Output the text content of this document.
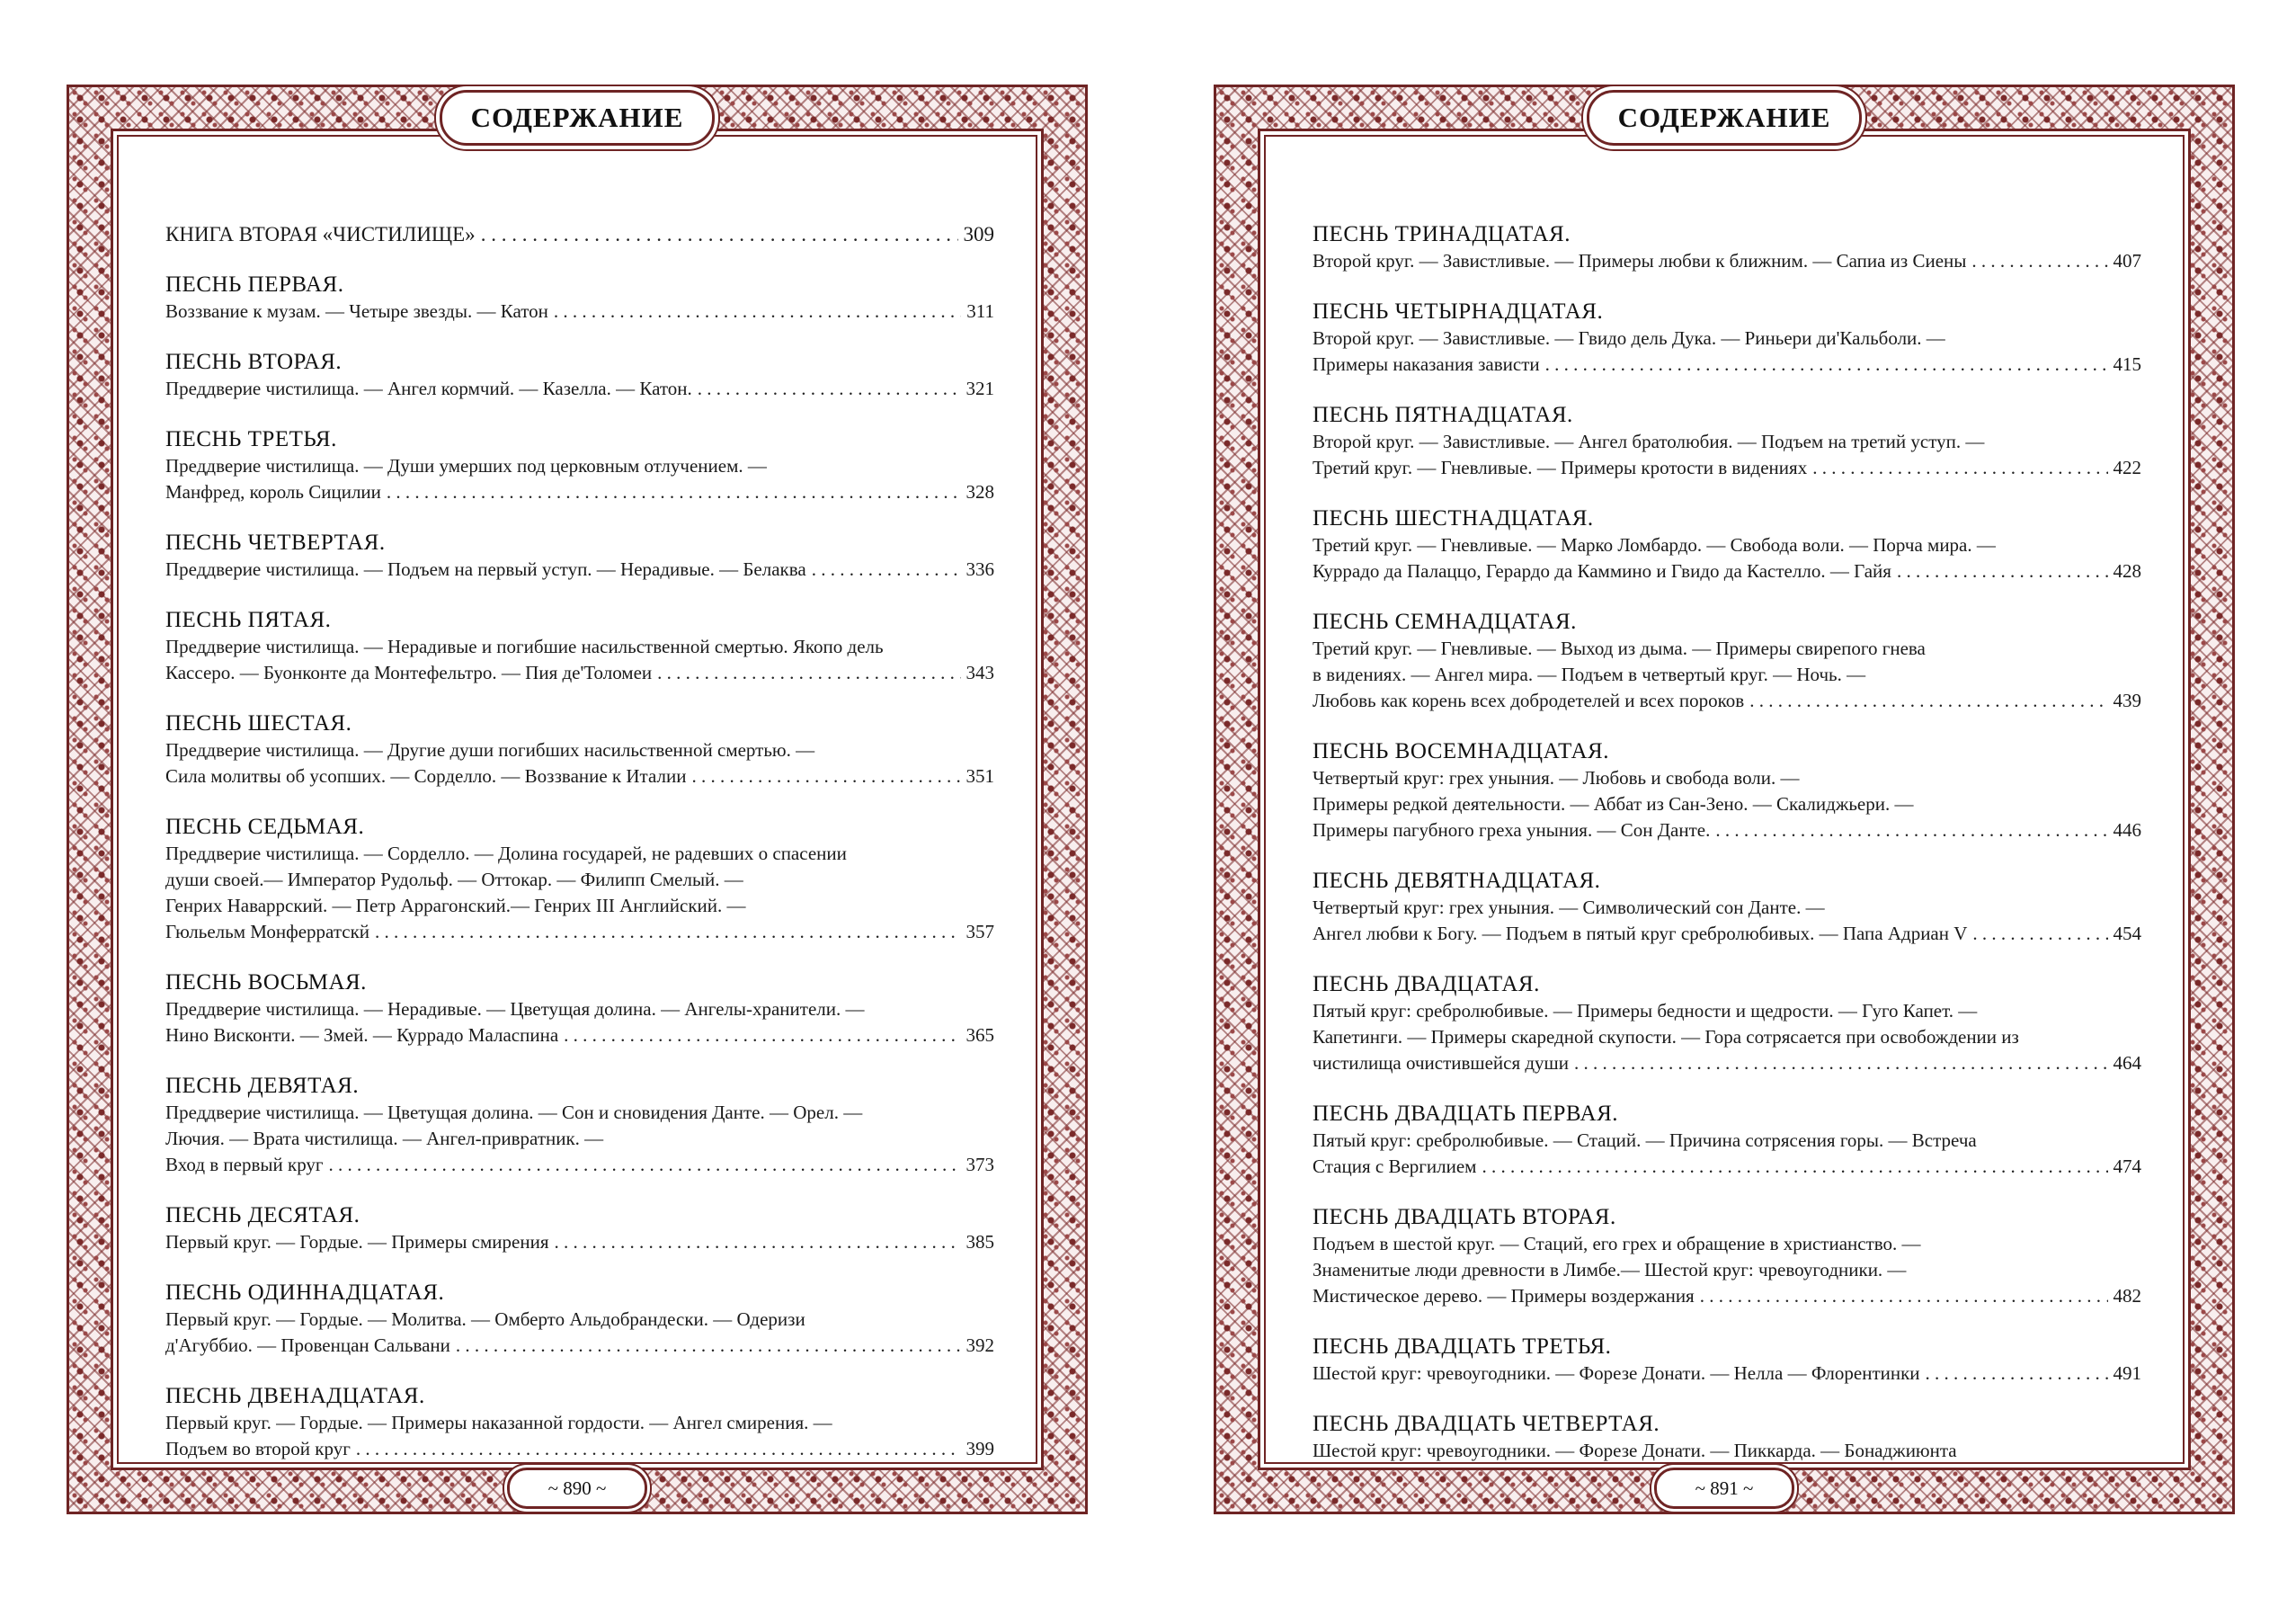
КНИГА ВТОРАЯ «ЧИСТИЛИЩЕ» . . .	309
ПЕСНЬ ПЕРВАЯ.
Воззвание к музам. — Четыре звезды. — Катон . . .	311
ПЕСНЬ ВТОРАЯ.
Преддверие чистилища. — Ангел кормчий. — Казелла. — Катон. . . .	321
ПЕСНЬ ТРЕТЬЯ.
Преддверие чистилища. — Души умерших под церковным отлучением. —
Манфред, король Сицилии . . .	328
ПЕСНЬ ЧЕТВЕРТАЯ.
Преддверие чистилища. — Подъем на первый уступ. — Нерадивые. — Белаква . . .	336
ПЕСНЬ ПЯТАЯ.
Преддверие чистилища. — Нерадивые и погибшие насильственной смертью. Якопо дель
Кассеро. — Буонконте да Монтефельтро. — Пия де'Толомеи . . .	343
ПЕСНЬ ШЕСТАЯ.
Преддверие чистилища. — Другие души погибших насильственной смертью. —
Сила молитвы об усопших. — Сорделло. — Воззвание к Италии . . .	351
ПЕСНЬ СЕДЬМАЯ.
Преддверие чистилища. — Сорделло. — Долина государей, не радевших о спасении
души своей.— Император Рудольф. — Оттокар. — Филипп Смелый. —
Генрих Наваррский. — Петр Аррагонский.— Генрих III Английский. —
Гюльельм Монферратскй . . .	357
ПЕСНЬ ВОСЬМАЯ.
Преддверие чистилища. — Нерадивые. — Цветущая долина. — Ангелы-хранители. —
Нино Висконти. — Змей. — Куррадо Маласпина . . .	365
ПЕСНЬ ДЕВЯТАЯ.
Преддверие чистилища. — Цветущая долина. — Сон и сновидения Данте. — Орел. —
Лючия. — Врата чистилища. — Ангел-привратник. —
Вход в первый круг . . .	373
ПЕСНЬ ДЕСЯТАЯ.
Первый круг. — Гордые. — Примеры смирения . . .	385
ПЕСНЬ ОДИННАДЦАТАЯ.
Первый круг. — Гордые. — Молитва. — Омберто Альдобрандески. — Одеризи
д'Агуббио. — Провенцан Сальвани . . .	392
ПЕСНЬ ДВЕНАДЦАТАЯ.
Первый круг. — Гордые. — Примеры наказанной гордости. — Ангел смирения. —
Подъем во второй круг . . .	399
СОДЕРЖАНИЕ
~ 890 ~
ПЕСНЬ ТРИНАДЦАТАЯ.
Второй круг. — Завистливые. — Примеры любви к ближним. — Сапиа из Сиены . . .	407
ПЕСНЬ ЧЕТЫРНАДЦАТАЯ.
Второй круг. — Завистливые. — Гвидо дель Дука. — Риньери ди'Кальболи. —
Примеры наказания зависти . . .	415
ПЕСНЬ ПЯТНАДЦАТАЯ.
Второй круг. — Завистливые. — Ангел братолюбия. — Подъем на третий уступ. —
Третий круг. — Гневливые. — Примеры кротости в видениях . . .	422
ПЕСНЬ ШЕСТНАДЦАТАЯ.
Третий круг. — Гневливые. — Марко Ломбардо. — Свобода воли. — Порча мира. —
Куррадо да Палаццо, Герардо да Каммино и Гвидо да Кастелло. — Гайя . . .	428
ПЕСНЬ СЕМНАДЦАТАЯ.
Третий круг. — Гневливые. — Выход из дыма. — Примеры свирепого гнева
в видениях. — Ангел мира. — Подъем в четвертый круг. — Ночь. —
Любовь как корень всех добродетелей и всех пороков . . .	439
ПЕСНЬ ВОСЕМНАДЦАТАЯ.
Четвертый круг: грех уныния. — Любовь и свобода воли. —
Примеры редкой деятельности. — Аббат из Сан-Зено. — Скалиджьери. —
Примеры пагубного греха уныния. — Сон Данте. . . .	446
ПЕСНЬ ДЕВЯТНАДЦАТАЯ.
Четвертый круг: грех уныния. — Символический сон Данте. —
Ангел любви к Богу. — Подъем в пятый круг сребролюбивых. — Папа Адриан V . . .	454
ПЕСНЬ ДВАДЦАТАЯ.
Пятый круг: сребролюбивые. — Примеры бедности и щедрости. — Гуго Капет. —
Капетинги. — Примеры скаредной скупости. — Гора сотрясается при освобождении из
чистилища очистившейся души . . .	464
ПЕСНЬ ДВАДЦАТЬ ПЕРВАЯ.
Пятый круг: сребролюбивые. — Стаций. — Причина сотрясения горы. — Встреча
Стация с Вергилием . . .	474
ПЕСНЬ ДВАДЦАТЬ ВТОРАЯ.
Подъем в шестой круг. — Стаций, его грех и обращение в христианство. —
Знаменитые люди древности в Лимбе.— Шестой круг: чревоугодники. —
Мистическое дерево. — Примеры воздержания . . .	482
ПЕСНЬ ДВАДЦАТЬ ТРЕТЬЯ.
Шестой круг: чревоугодники. — Форезе Донати. — Нелла — Флорентинки . . .	491
ПЕСНЬ ДВАДЦАТЬ ЧЕТВЕРТАЯ.
Шестой круг: чревоугодники. — Форезе Донати. — Пиккарда. — Бонаджиюнта
СОДЕРЖАНИЕ
~ 891 ~
